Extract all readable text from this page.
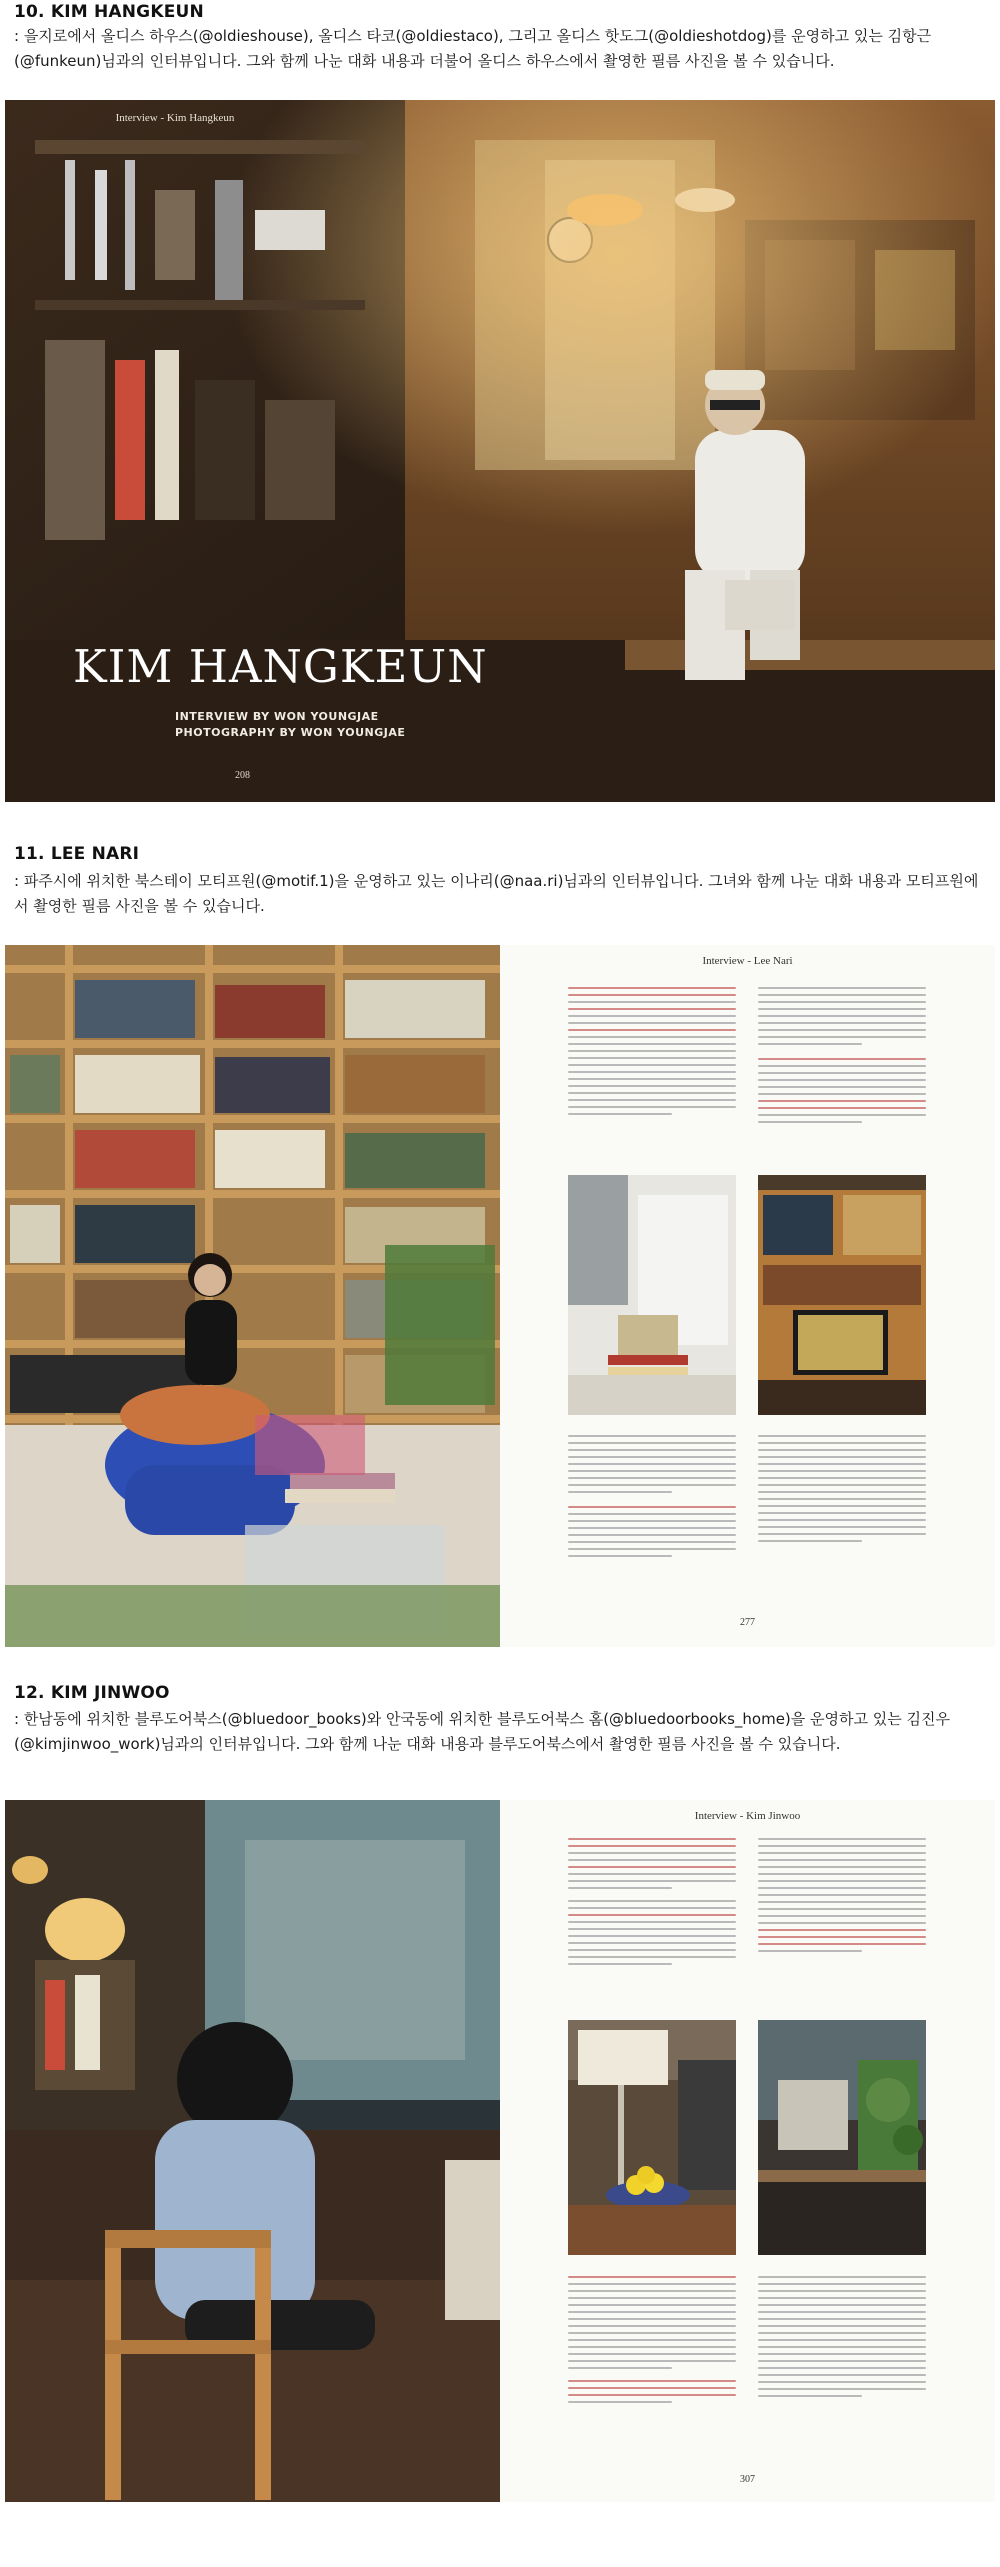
10. KIM HANGKEUN
: 을지로에서 올디스 하우스(@oldieshouse), 올디스 타코(@oldiestaco), 그리고 올디스 핫도그(@oldieshotdog)를 운영하고 있는 김항근(@funkeun)님과의 인터뷰입니다. 그와 함께 나눈 대화 내용과 더불어 올디스 하우스에서 촬영한 필름 사진을 볼 수 있습니다.
Interview - Kim Hangkeun
KIM HANGKEUN
INTERVIEW BY WON YOUNGJAE
PHOTOGRAPHY BY WON YOUNGJAE
208
11. LEE NARI
: 파주시에 위치한 북스테이 모티프원(@motif.1)을 운영하고 있는 이나리(@naa.ri)님과의 인터뷰입니다. 그녀와 함께 나눈 대화 내용과 모티프원에서 촬영한 필름 사진을 볼 수 있습니다.
Interview - Lee Nari
277
12. KIM JINWOO
: 한남동에 위치한 블루도어북스(@bluedoor_books)와 안국동에 위치한 블루도어북스 홈(@bluedoorbooks_home)을 운영하고 있는 김진우(@kimjinwoo_work)님과의 인터뷰입니다. 그와 함께 나눈 대화 내용과 블루도어북스에서 촬영한 필름 사진을 볼 수 있습니다.
Interview - Kim Jinwoo
307
